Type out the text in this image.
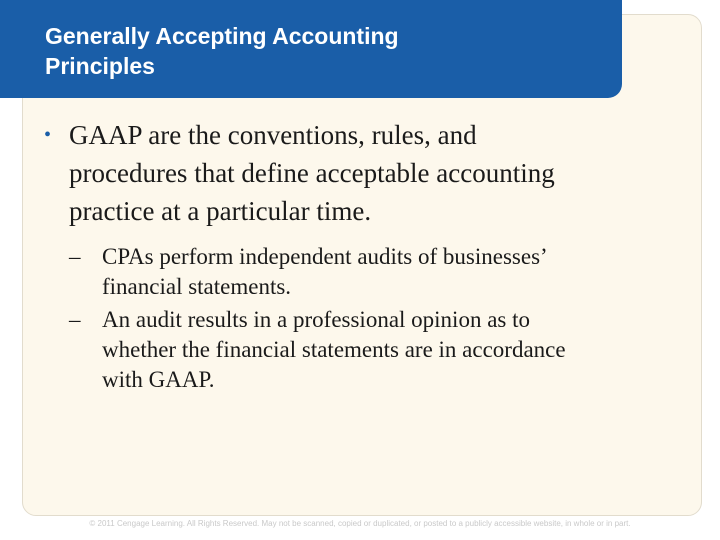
Generally Accepting Accounting
Principles
• GAAP are the conventions, rules, and
procedures that define acceptable accounting
practice at a particular time.
– CPAs perform independent audits of businesses’
financial statements.
– An audit results in a professional opinion as to
whether the financial statements are in accordance
with GAAP.
© 2011 Cengage Learning. All Rights Reserved. May not be scanned, copied or duplicated, or posted to a publicly accessible website, in whole or in part.
